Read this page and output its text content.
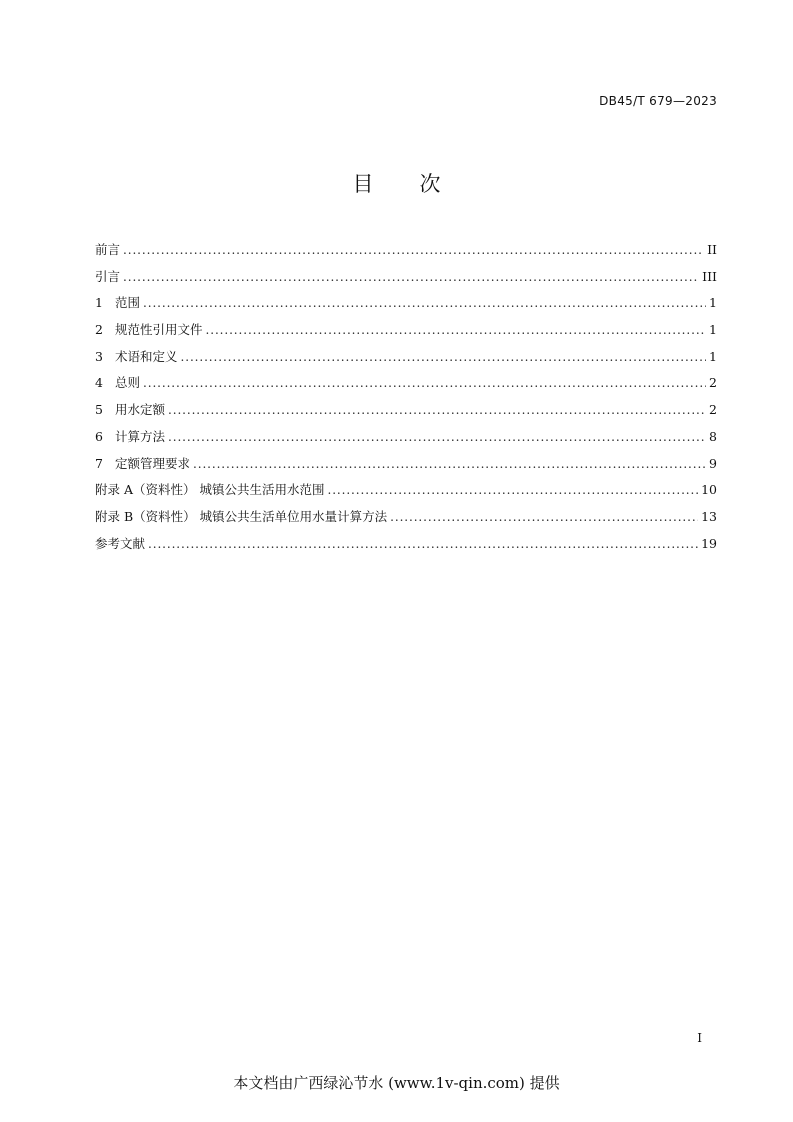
DB45/T 679—2023
目次
前言 .....	II
引言 .....	III
1 范围 .....	1
2 规范性引用文件 .....	1
3 术语和定义 .....	1
4 总则 .....	2
5 用水定额 .....	2
6 计算方法 .....	8
7 定额管理要求 .....	9
附录 A（资料性） 城镇公共生活用水范围 .....	10
附录 B（资料性） 城镇公共生活单位用水量计算方法 .....	13
参考文献 .....	19
I
本文档由广西绿沁节水 (www.1v-qin.com) 提供
